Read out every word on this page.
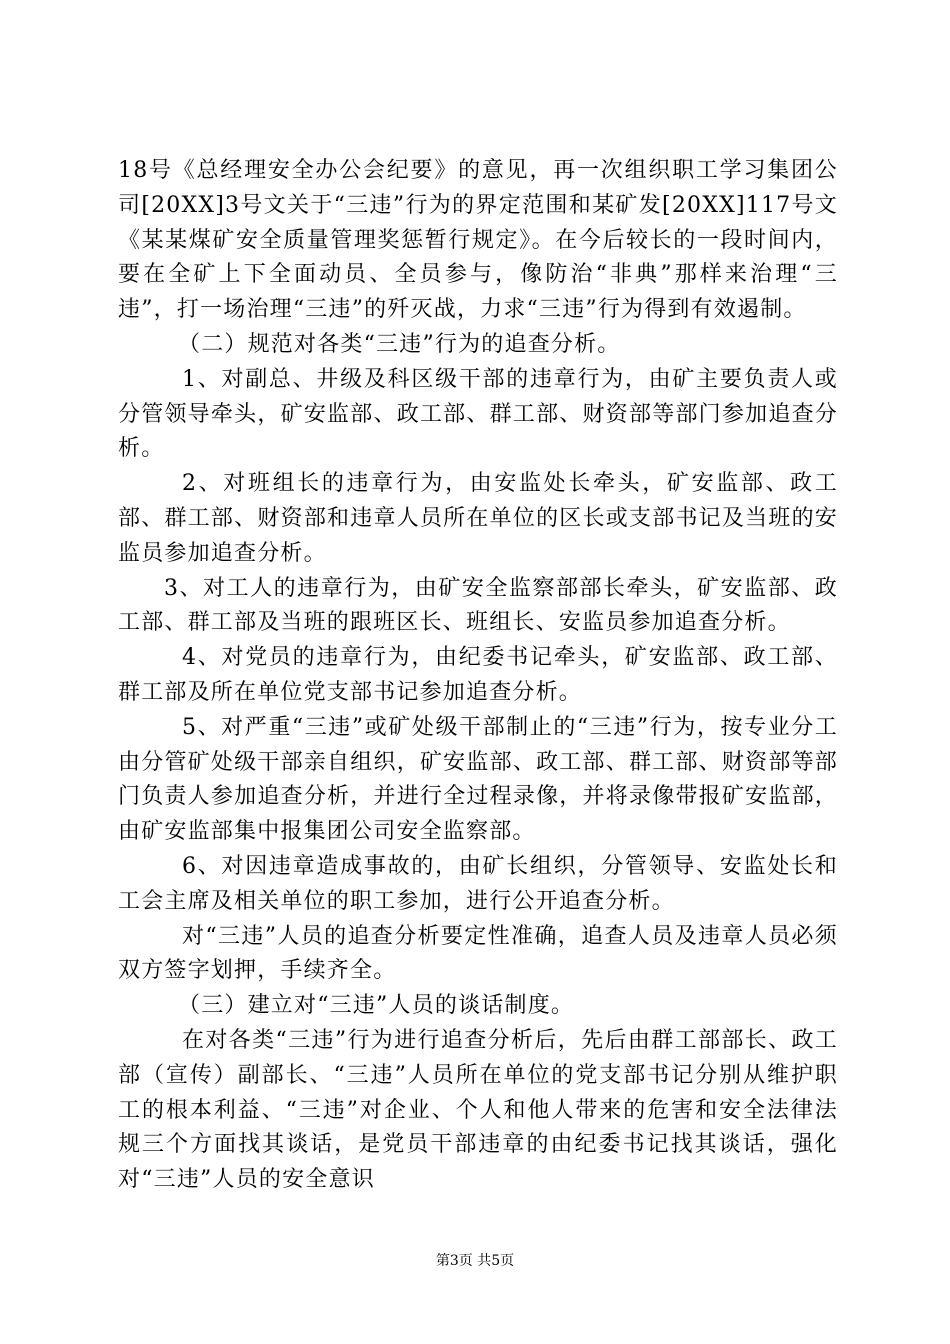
18号《总经理安全办公会纪要》的意见，再一次组织职工学习集团公司[20XX]3号文关于“三违”行为的界定范围和某矿发[20XX]117号文《某某煤矿安全质量管理奖惩暂行规定》。在今后较长的一段时间内，要在全矿上下全面动员、全员参与，像防治“非典”那样来治理“三违”，打一场治理“三违”的歼灭战，力求“三违”行为得到有效遏制。

（二）规范对各类“三违”行为的追查分析。

1、对副总、井级及科区级干部的违章行为，由矿主要负责人或分管领导牵头，矿安监部、政工部、群工部、财资部等部门参加追查分析。

2、对班组长的违章行为，由安监处长牵头，矿安监部、政工部、群工部、财资部和违章人员所在单位的区长或支部书记及当班的安监员参加追查分析。

3、对工人的违章行为，由矿安全监察部部长牵头，矿安监部、政工部、群工部及当班的跟班区长、班组长、安监员参加追查分析。

4、对党员的违章行为，由纪委书记牵头，矿安监部、政工部、群工部及所在单位党支部书记参加追查分析。

5、对严重“三违”或矿处级干部制止的“三违”行为，按专业分工由分管矿处级干部亲自组织，矿安监部、政工部、群工部、财资部等部门负责人参加追查分析，并进行全过程录像，并将录像带报矿安监部，由矿安监部集中报集团公司安全监察部。

6、对因违章造成事故的，由矿长组织，分管领导、安监处长和工会主席及相关单位的职工参加，进行公开追查分析。

对“三违”人员的追查分析要定性准确，追查人员及违章人员必须双方签字划押，手续齐全。

（三）建立对“三违”人员的谈话制度。

在对各类“三违”行为进行追查分析后，先后由群工部部长、政工部（宣传）副部长、“三违”人员所在单位的党支部书记分别从维护职工的根本利益、“三违”对企业、个人和他人带来的危害和安全法律法规三个方面找其谈话，是党员干部违章的由纪委书记找其谈话，强化对“三违”人员的安全意识

第3页 共5页
